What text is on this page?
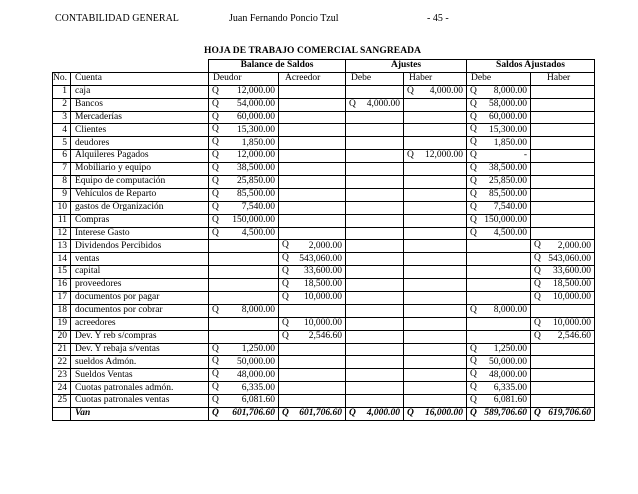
CONTABILIDAD GENERAL	Juan Fernando Poncio Tzul	- 45 -
HOJA DE TRABAJO COMERCIAL SANGREADA
		Balance de Saldos		Ajustes		Saldos Ajustados	
No.	Cuenta	Deudor	Acreedor	Debe	Haber	Debe	Haber
1	caja	Q 12,000.00			Q 4,000.00	Q 8,000.00	

2	Bancos	Q 54,000.00		Q 4,000.00		Q 58,000.00	

3	Mercaderías	Q 60,000.00				Q 60,000.00	

4	Clientes	Q 15,300.00				Q 15,300.00	

5	deudores	Q 1,850.00				Q 1,850.00	

6	Alquileres Pagados	Q 12,000.00			Q 12,000.00	Q -	

7	Mobiliario y equipo	Q 38,500.00				Q 38,500.00	

8	Equipo de computación	Q 25,850.00				Q 25,850.00	

9	Vehículos de Reparto	Q 85,500.00				Q 85,500.00	

10	gastos de Organización	Q 7,540.00				Q 7,540.00	

11	Compras	Q 150,000.00				Q 150,000.00	

12	Interese Gasto	Q 4,500.00				Q 4,500.00	

13	Dividendos Percibidos		Q 2,000.00				Q 2,000.00

14	ventas		Q 543,060.00				Q 543,060.00

15	capital		Q 33,600.00				Q 33,600.00

16	proveedores		Q 18,500.00				Q 18,500.00

17	documentos por pagar		Q 10,000.00				Q 10,000.00

18	documentos por cobrar	Q 8,000.00				Q 8,000.00	

19	acreedores		Q 10,000.00				Q 10,000.00

20	Dev. Y reb s/compras		Q 2,546.60				Q 2,546.60

21	Dev. Y rebaja s/ventas	Q 1,250.00				Q 1,250.00	

22	sueldos Admón.	Q 50,000.00				Q 50,000.00	

23	Sueldos Ventas	Q 48,000.00				Q 48,000.00	

24	Cuotas patronales admón.	Q 6,335.00				Q 6,335.00	

25	Cuotas patronales ventas	Q 6,081.60				Q 6,081.60	

	Van	Q 601,706.60	Q 601,706.60	Q 4,000.00	Q 16,000.00	Q 589,706.60	Q 619,706.60
